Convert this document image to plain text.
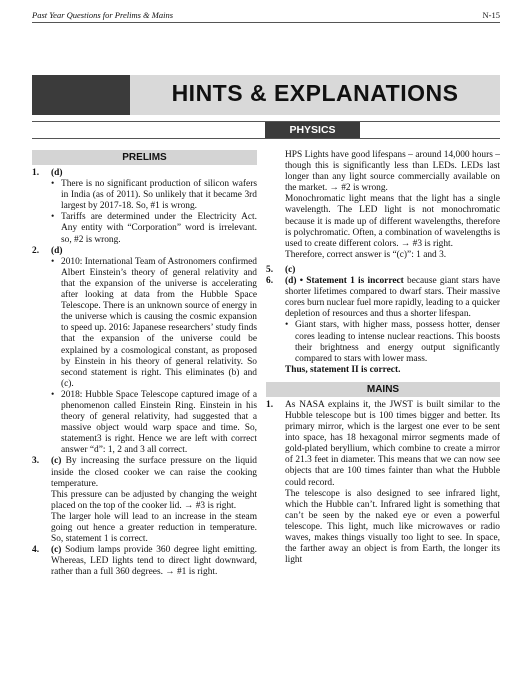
Past Year Questions for Prelims & Mains	N-15
HINTS & EXPLANATIONS
PHYSICS
PRELIMS
1.	(d)
• There is no significant production of silicon wafers in India (as of 2011). So unlikely that it became 3rd largest by 2017-18. So, #1 is wrong.
• Tariffs are determined under the Electricity Act. Any entity with “Corporation” word is irrelevant. so, #2 is wrong.
2.	(d)
• 2010: International Team of Astronomers confirmed Albert Einstein’s theory of general relativity and that the expansion of the universe is accelerating after looking at data from the Hubble Space Telescope. There is an unknown source of energy in the universe which is causing the cosmic expansion to speed up. 2016: Japanese researchers’ study finds that the expansion of the universe could be explained by a cosmological constant, as proposed by Einstein in his theory of general relativity. So second statement is right. This eliminates (b) and (c).
• 2018: Hubble Space Telescope captured image of a phenomenon called Einstein Ring. Einstein in his theory of general relativity, had suggested that a massive object would warp space and time. So, statement3 is right. Hence we are left with correct answer “d”: 1, 2 and 3 all correct.
3.	(c) By increasing the surface pressure on the liquid inside the closed cooker we can raise the cooking temperature.
This pressure can be adjusted by changing the weight placed on the top of the cooker lid. → #3 is right.
The larger hole will lead to an increase in the steam going out hence a greater reduction in temperature. So, statement 1 is correct.
4.	(c) Sodium lamps provide 360 degree light emitting. Whereas, LED lights tend to direct light downward, rather than a full 360 degrees. → #1 is right.
HPS Lights have good lifespans – around 14,000 hours – though this is significantly less than LEDs. LEDs last longer than any light source commercially available on the market. → #2 is wrong.
Monochromatic light means that the light has a single wavelength. The LED light is not monochromatic because it is made up of different wavelengths, therefore is polychromatic. Often, a combination of wavelengths is used to create different colors. → #3 is right.
Therefore, correct answer is “(c)”: 1 and 3.
5.	(c)
6.	(d) • Statement 1 is incorrect because giant stars have shorter lifetimes compared to dwarf stars. Their massive cores burn nuclear fuel more rapidly, leading to a quicker depletion of resources and thus a shorter lifespan.
• Giant stars, with higher mass, possess hotter, denser cores leading to intense nuclear reactions. This boosts their brightness and energy output significantly compared to stars with lower mass.
Thus, statement II is correct.
MAINS
1.	As NASA explains it, the JWST is built similar to the Hubble telescope but is 100 times bigger and better. Its primary mirror, which is the largest one ever to be sent into space, has 18 hexagonal mirror segments made of gold-plated beryllium, which combine to create a mirror of 21.3 feet in diameter. This means that we can now see objects that are 100 times fainter than what the Hubble could record.
The telescope is also designed to see infrared light, which the Hubble can’t. Infrared light is something that can’t be seen by the naked eye or even a powerful telescope. This light, much like microwaves or radio waves, makes things visually too light to see. In space, the farther away an object is from Earth, the longer its light
